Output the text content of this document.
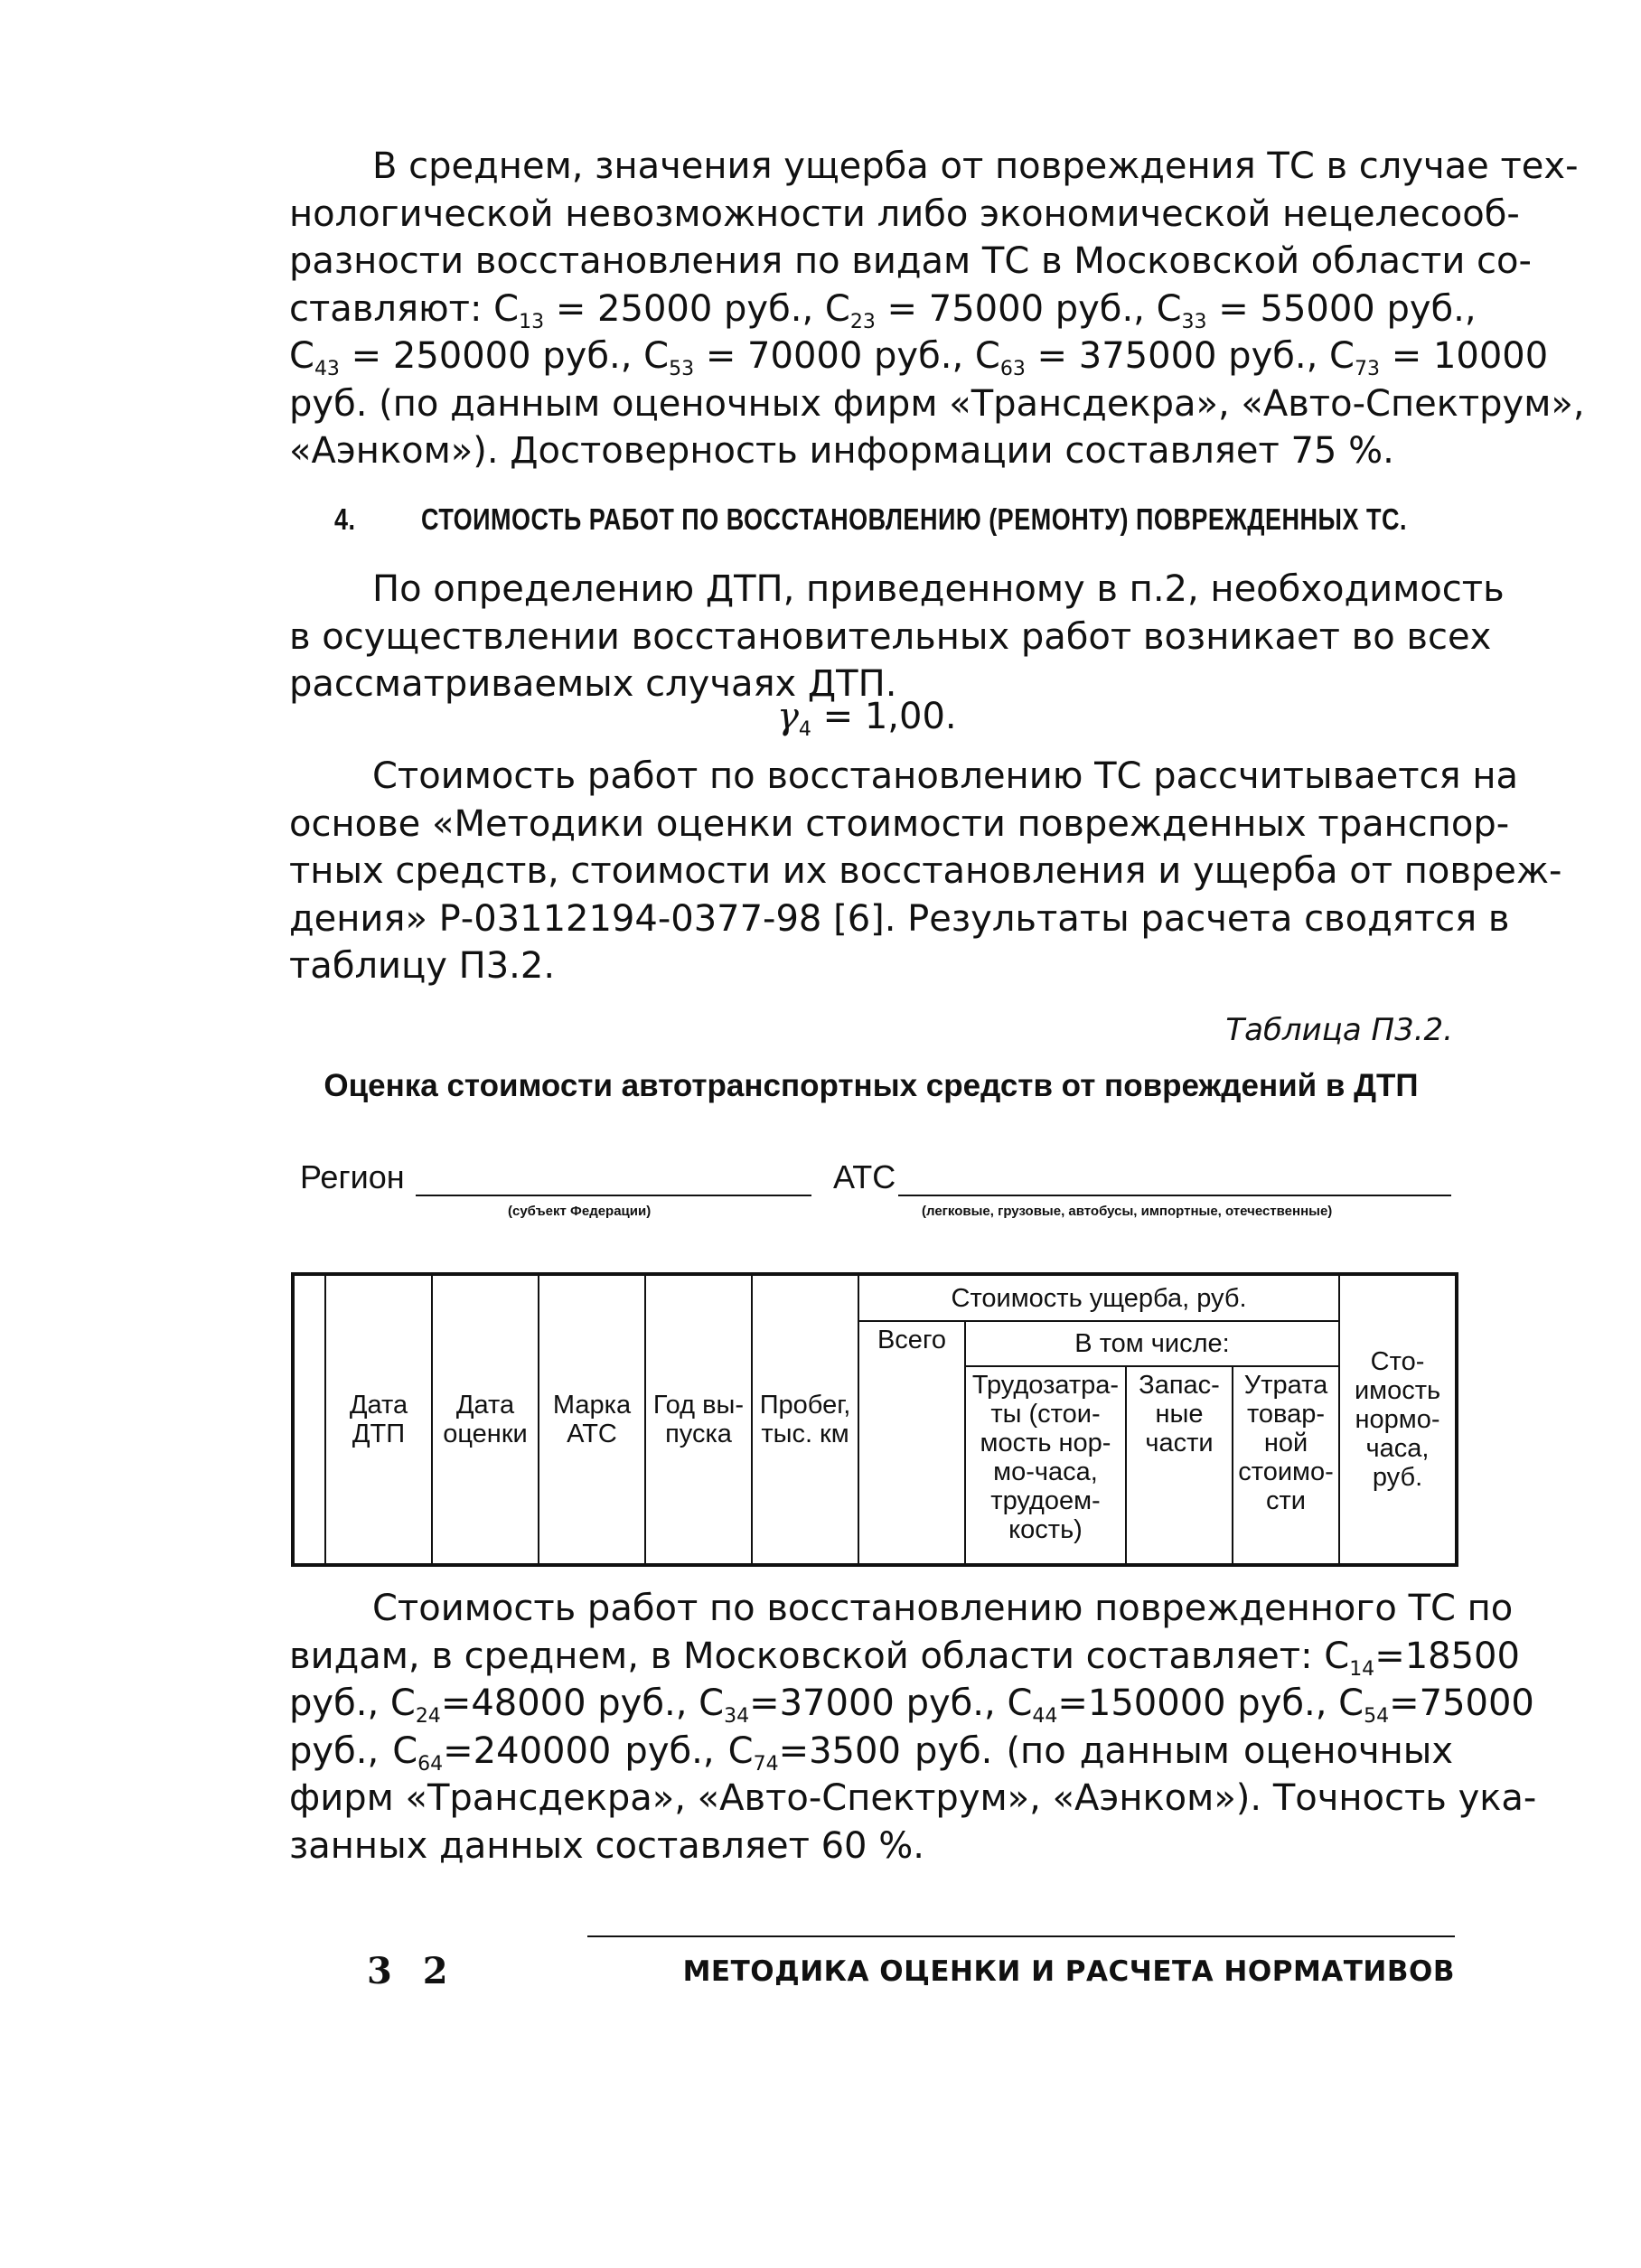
В среднем, значения ущерба от повреждения ТС в случае тех-
нологической невозможности либо экономической нецелесооб-
разности восстановления по видам ТС в Московской области со-
ставляют: $C_{13} = 25000$ руб., $C_{23} = 75000$ руб., $C_{33} = 55000$ руб.,
$C_{43} = 250000$ руб., $C_{53} = 70000$ руб., $C_{63} = 375000$ руб., $C_{73} = 10000$
руб. (по данным оценочных фирм «Трансдекра», «Авто-Спектрум»,
«Аэнком»). Достоверность информации составляет 75 %.
4.	СТОИМОСТЬ РАБОТ ПО ВОССТАНОВЛЕНИЮ (РЕМОНТУ) ПОВРЕЖДЕННЫХ ТС.
По определению ДТП, приведенному в п.2, необходимость
в осуществлении восстановительных работ возникает во всех
рассматриваемых случаях ДТП.
$\gamma_4 = 1,00$.
Стоимость работ по восстановлению ТС рассчитывается на
основе «Методики оценки стоимости поврежденных транспор-
тных средств, стоимости их восстановления и ущерба от повреж-
дения» Р-03112194-0377-98 [6]. Результаты расчета сводятся в
таблицу П3.2.
Таблица П3.2.
Оценка стоимости автотранспортных средств от повреждений в ДТП
Регион
(субъект Федерации)
АТС
(легковые, грузовые, автобусы, импортные, отечественные)
	Дата ДТП	Дата оценки	Марка АТС	Год вы-пуска	Пробег, тыс. км	Стоимость ущерба, руб.				Сто-имость нормо-часа, руб.
						Всего	В том числе:			
							Трудозатра-ты (стои-мость нор-мо-часа, трудоем-кость)	Запас-ные части	Утрата товар-ной стоимо-сти	
Стоимость работ по восстановлению поврежденного ТС по
видам, в среднем, в Московской области составляет: $C_{14}=18500$
руб., $C_{24}=48000$ руб., $C_{34}=37000$ руб., $C_{44}=150000$ руб., $C_{54}=75000$
руб., $C_{64}=240000$ руб., $C_{74}=3500$ руб. (по данным оценочных
фирм «Трансдекра», «Авто-Спектрум», «Аэнком»). Точность ука-
занных данных составляет 60 %.
3 2	МЕТОДИКА ОЦЕНКИ И РАСЧЕТА НОРМАТИВОВ
